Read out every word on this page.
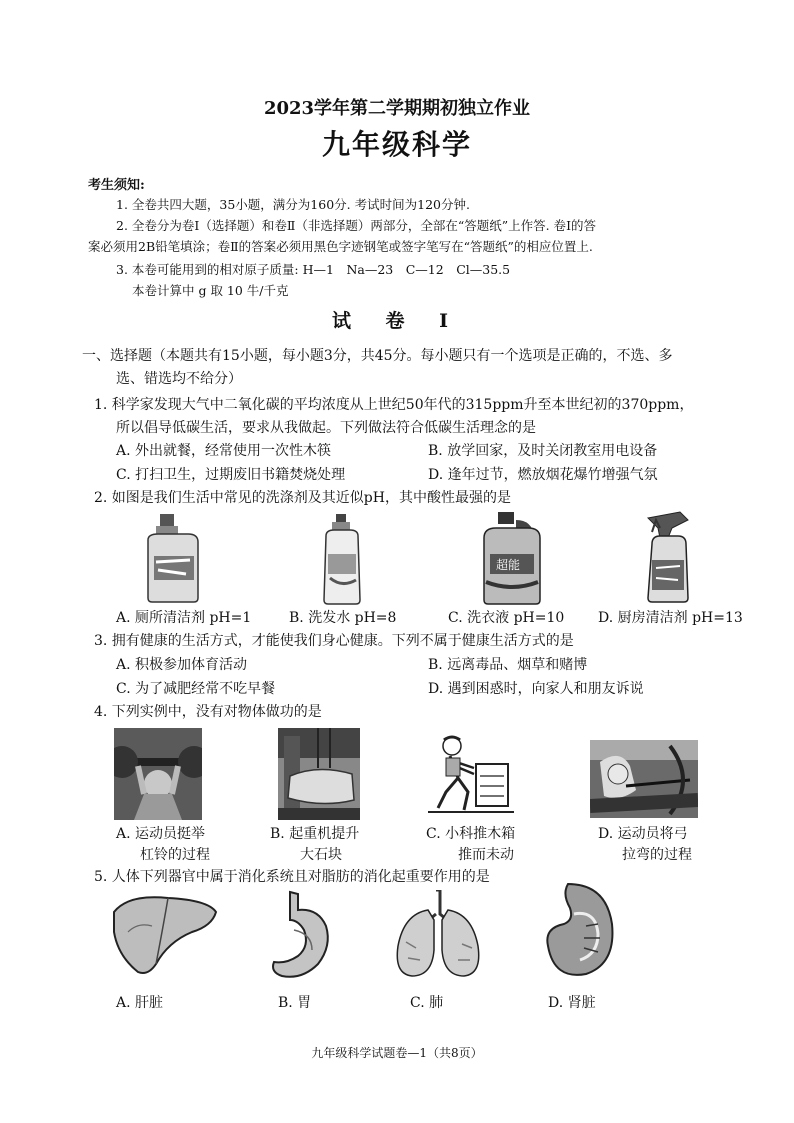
2023学年第二学期期初独立作业
九年级科学
考生须知:
1. 全卷共四大题，35小题，满分为160分. 考试时间为120分钟.
2. 全卷分为卷Ⅰ（选择题）和卷Ⅱ（非选择题）两部分，全部在“答题纸”上作答. 卷Ⅰ的答
案必须用2B铅笔填涂；卷Ⅱ的答案必须用黑色字迹钢笔或签字笔写在“答题纸”的相应位置上.
3. 本卷可能用到的相对原子质量: H—1　Na—23　C—12　Cl—35.5
本卷计算中 g 取 10 牛/千克
试 卷 Ⅰ
一、选择题（本题共有15小题，每小题3分，共45分。每小题只有一个选项是正确的，不选、多
选、错选均不给分）
1. 科学家发现大气中二氧化碳的平均浓度从上世纪50年代的315ppm升至本世纪初的370ppm，
所以倡导低碳生活，要求从我做起。下列做法符合低碳生活理念的是
A. 外出就餐，经常使用一次性木筷	B. 放学回家，及时关闭教室用电设备
C. 打扫卫生，过期废旧书籍焚烧处理	D. 逢年过节，燃放烟花爆竹增强气氛
2. 如图是我们生活中常见的洗涤剂及其近似pH，其中酸性最强的是
超能
A. 厕所清洁剂 pH=1	B. 洗发水 pH=8	C. 洗衣液 pH=10 D. 厨房清洁剂 pH=13
3. 拥有健康的生活方式，才能使我们身心健康。下列不属于健康生活方式的是
A. 积极参加体育活动	B. 远离毒品、烟草和赌博
C. 为了减肥经常不吃早餐	D. 遇到困惑时，向家人和朋友诉说
4. 下列实例中，没有对物体做功的是
A. 运动员挺举
杠铃的过程
B. 起重机提升
大石块
C. 小科推木箱
推而未动
D. 运动员将弓
拉弯的过程
5. 人体下列器官中属于消化系统且对脂肪的消化起重要作用的是
A. 肝脏	B. 胃	C. 肺	D. 肾脏
九年级科学试题卷—1（共8页）
